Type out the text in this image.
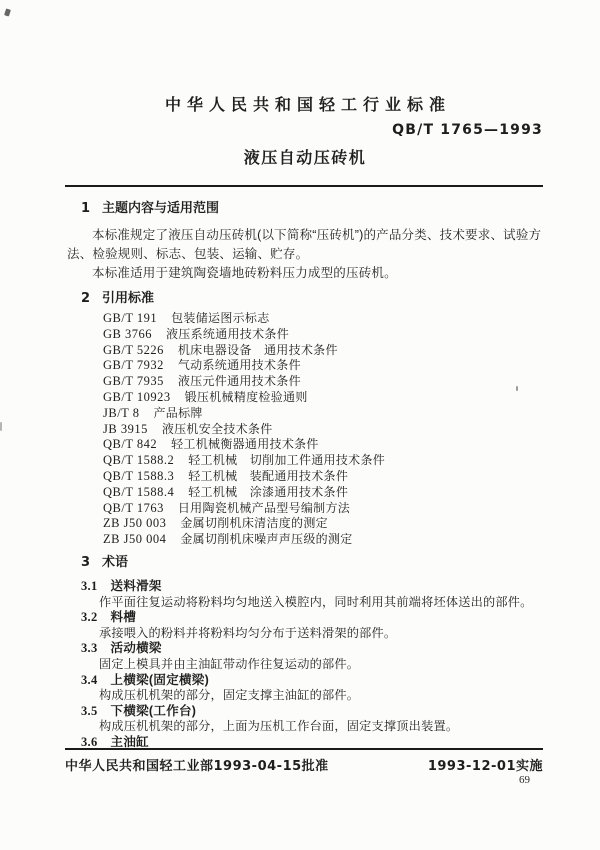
中华人民共和国轻工行业标准
QB/T 1765—1993
液压自动压砖机
1 主题内容与适用范围

本标准规定了液压自动压砖机(以下简称“压砖机”)的产品分类、技术要求、试验方法、检验规则、标志、包装、运输、贮存。

本标准适用于建筑陶瓷墙地砖粉料压力成型的压砖机。

2 引用标准
GB/T 191 包装储运图示标志
GB 3766 液压系统通用技术条件
GB/T 5226 机床电器设备　通用技术条件
GB/T 7932 气动系统通用技术条件
GB/T 7935 液压元件通用技术条件
GB/T 10923 锻压机械精度检验通则
JB/T 8 产品标牌
JB 3915 液压机安全技术条件
QB/T 842 轻工机械衡器通用技术条件
QB/T 1588.2 轻工机械　切削加工件通用技术条件
QB/T 1588.3 轻工机械　装配通用技术条件
QB/T 1588.4 轻工机械　涂漆通用技术条件
QB/T 1763 日用陶瓷机械产品型号编制方法
ZB J50 003 金属切削机床清洁度的测定
ZB J50 004 金属切削机床噪声声压级的测定
3 术语
3.1 送料滑架
作平面往复运动将粉料均匀地送入模腔内，同时利用其前端将坯体送出的部件。
3.2 料槽
承接喂入的粉料并将粉料均匀分布于送料滑架的部件。
3.3 活动横梁
固定上模具并由主油缸带动作往复运动的部件。
3.4 上横梁(固定横梁)
构成压机机架的部分，固定支撑主油缸的部件。
3.5 下横梁(工作台)
构成压机机架的部分，上面为压机工作台面，固定支撑顶出装置。
3.6 主油缸
中华人民共和国轻工业部1993-04-15批准	1993-12-01实施
69
